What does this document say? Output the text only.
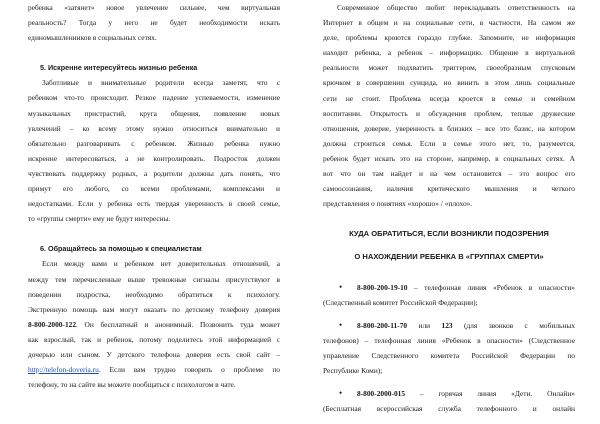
ребенка «затянет» новое увлечение сильнее, чем виртуальная

реальность? Тогда у него не будет необходимости искать

единомышленников в социальных сетях.

5. Искренне интересуйтесь жизнью ребенка

Заботливые и внимательные родители всегда заметят, что с

ребенком что-то происходит. Резкое падение успеваемости, изменение

музыкальных пристрастий, круга общения, появление новых

увлечений – ко всему этому нужно относиться внимательно и

обязательно разговаривать с ребенком. Жизнью ребенка нужно

искренне интересоваться, а не контролировать. Подросток должен

чувствовать поддержку родных, а родители должны дать понять, что

примут его любого, со всеми проблемами, комплексами и

недостатками. Если у ребенка есть твердая уверенность в своей семье,

то «группы смерти» ему не будут интересны.

6. Обращайтесь за помощью к специалистам

Если между вами и ребенком нет доверительных отношений, а

между тем перечисленные выше тревожные сигналы присутствуют в

поведении подростка, необходимо обратиться к психологу.

Экстренную помощь вам могут оказать по детскому телефону доверия

8-800-2000-122. Он бесплатный и анонимный. Позвонить туда может

как взрослый, так и ребенок, потому поделитесь этой информацией с

дочерью или сыном. У детского телефона доверия есть свой сайт –

http://telefon-doveria.ru. Если вам трудно говорить о проблеме по

телефону, то на сайте вы можете пообщаться с психологом в чате.

Современное общество любит перекладывать ответственность на

Интернет в общем и на социальные сети, в частности. На самом же

деле, проблемы кроются гораздо глубже. Запомните, не информация

находит ребенка, а ребенок – информацию. Общение в виртуальной

реальности может подхватить триггером, своеобразным спусковым

крючком в совершении суицида, но винить в этом лишь социальные

сети не стоит. Проблема всегда кроется в семье и семейном

воспитании. Открытость и обсуждения проблем, теплые дружеские

отношения, доверие, уверенность в близких – все это базис, на котором

должна строиться семья. Если в семье этого нет, то, разумеется,

ребенок будет искать это на стороне, например, в социальных сетях. А

вот что он там найдет и на чем остановится – это вопрос его

самоосознания, наличия критического мышления и четкого

представления о понятиях «хорошо» / «плохо».

КУДА ОБРАТИТЬСЯ, ЕСЛИ ВОЗНИКЛИ ПОДОЗРЕНИЯ

О НАХОЖДЕНИИ РЕБЕНКА В «ГРУППАХ СМЕРТИ»

• 8-800-200-19-10 – телефонная линия «Ребенок в опасности»

(Следственный комитет Российской Федерации);

• 8-800-200-11-70 или 123 (для звонков с мобильных

телефонов) – телефонная линия «Ребенок в опасности» (Следственное

управление Следственного комитета Российской Федерации по

Республике Коми);

• 8-800-2000-015 – горячая линия «Дети. Онлайн»

(Бесплатная всероссийская служба телефонного и онлайн
